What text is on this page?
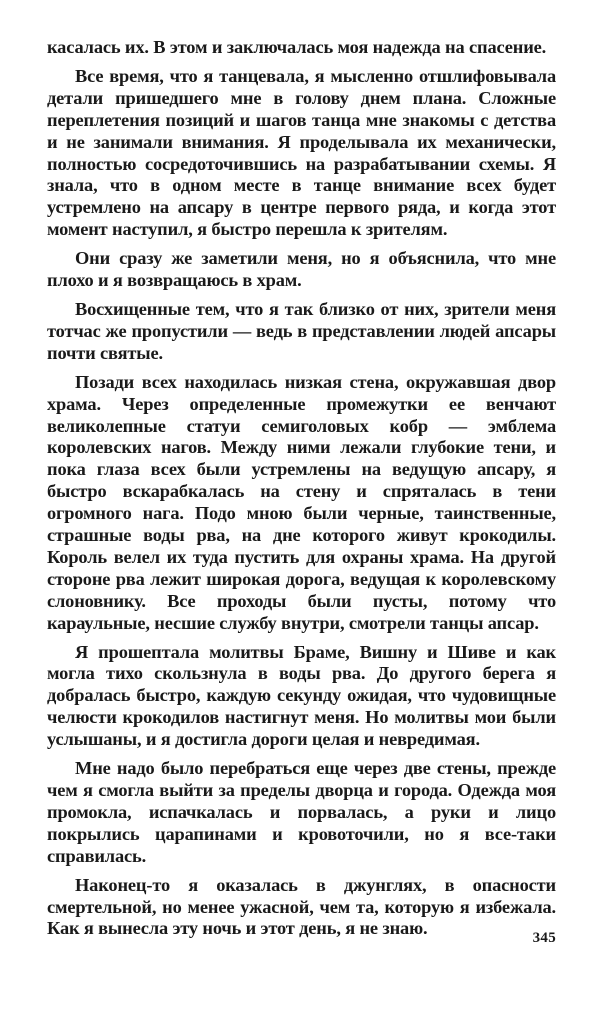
касалась их. В этом и заключалась моя надежда на спасение.

Все время, что я танцевала, я мысленно отшлифовывала детали пришедшего мне в голову днем плана. Сложные переплетения позиций и шагов танца мне знакомы с детства и не занимали внимания. Я проделывала их механически, полностью сосредоточившись на разрабатывании схемы. Я знала, что в одном месте в танце внимание всех будет устремлено на апсару в центре первого ряда, и когда этот момент наступил, я быстро перешла к зрителям.

Они сразу же заметили меня, но я объяснила, что мне плохо и я возвращаюсь в храм.

Восхищенные тем, что я так близко от них, зрители меня тотчас же пропустили — ведь в представлении людей апсары почти святые.

Позади всех находилась низкая стена, окружавшая двор храма. Через определенные промежутки ее венчают великолепные статуи семиголовых кобр — эмблема королевских нагов. Между ними лежали глубокие тени, и пока глаза всех были устремлены на ведущую апсару, я быстро вскарабкалась на стену и спряталась в тени огромного нага. Подо мною были черные, таинственные, страшные воды рва, на дне которого живут крокодилы. Король велел их туда пустить для охраны храма. На другой стороне рва лежит широкая дорога, ведущая к королевскому слоновнику. Все проходы были пусты, потому что караульные, несшие службу внутри, смотрели танцы апсар.

Я прошептала молитвы Браме, Вишну и Шиве и как могла тихо скользнула в воды рва. До другого берега я добралась быстро, каждую секунду ожидая, что чудовищные челюсти крокодилов настигнут меня. Но молитвы мои были услышаны, и я достигла дороги целая и невредимая.

Мне надо было перебраться еще через две стены, прежде чем я смогла выйти за пределы дворца и города. Одежда моя промокла, испачкалась и порвалась, а руки и лицо покрылись царапинами и кровоточили, но я все-таки справилась.

Наконец-то я оказалась в джунглях, в опасности смертельной, но менее ужасной, чем та, которую я избежала. Как я вынесла эту ночь и этот день, я не знаю.	345
